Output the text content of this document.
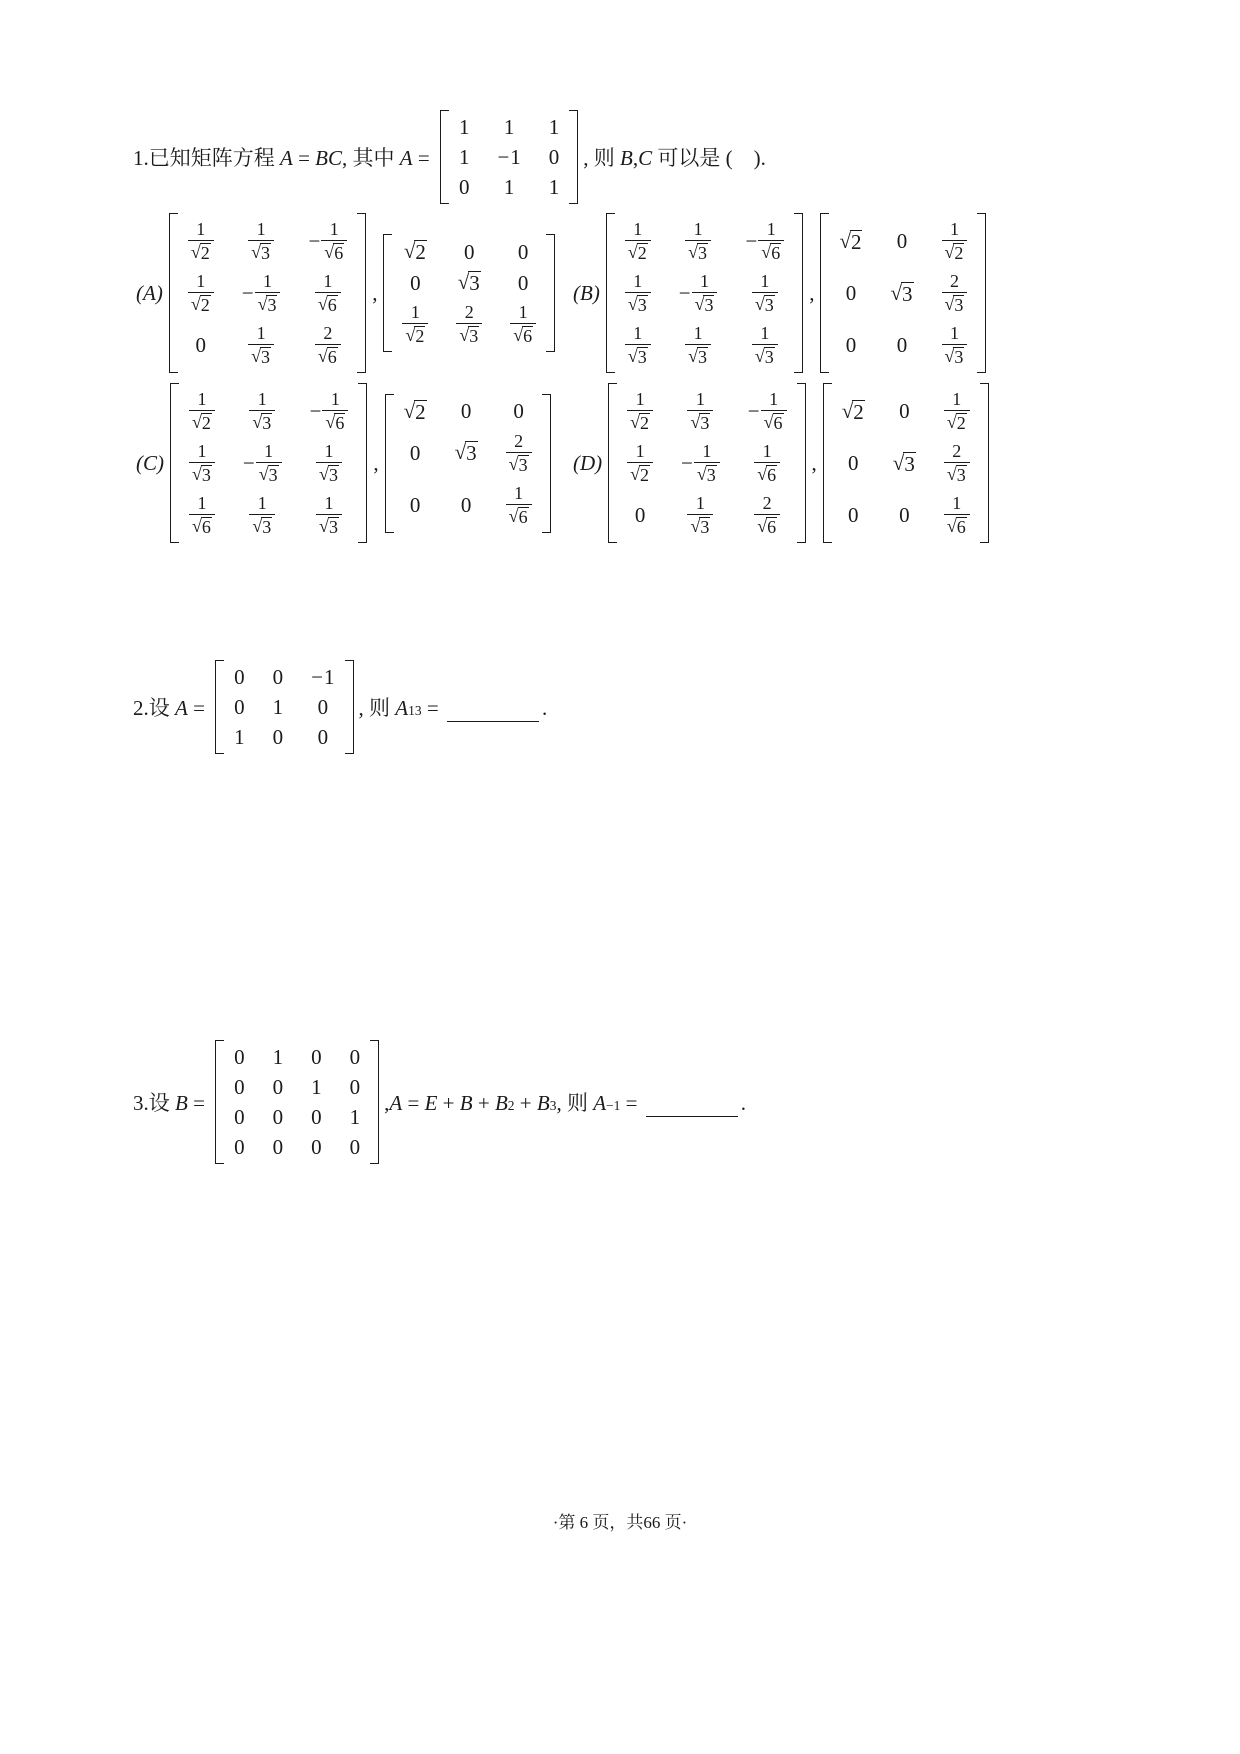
1.已知矩阵方程 A = BC , 其中 A =
1 1 1
1 − 1 0
0 1 1
, 则 B , C 可以是 (    ).
(A)
$\frac{1}{√ 2} \frac{1}{√ 3} - \frac{1}{√ 6}$
$\frac{1}{√ 2} - \frac{1}{√ 3} \frac{1}{√ 6}$
$0 \frac{1}{√ 3} \frac{2}{√ 6}$
,
√ 2 0 0
0 √ 3 0
$\frac{1}{√ 2} \frac{2}{√ 3} \frac{1}{√ 6}$
(B)
$\frac{1}{√ 2} \frac{1}{√ 3} - \frac{1}{√ 6}$
$\frac{1}{√ 3} - \frac{1}{√ 3} \frac{1}{√ 3}$
$\frac{1}{√ 3} \frac{1}{√ 3} \frac{1}{√ 3}$
,
√ 2 $0 \frac{1}{√ 2}$
0 √ $3 \frac{2}{√ 3}$
0 $0 \frac{1}{√ 3}$
(C)
$\frac{1}{√ 2} \frac{1}{√ 3} - \frac{1}{√ 6}$
$\frac{1}{√ 3} - \frac{1}{√ 3} \frac{1}{√ 3}$
$\frac{1}{√ 6} \frac{1}{√ 3} \frac{1}{√ 3}$
,
√ 2 0 0
0 √ $3 \frac{2}{√ 3}$
0 $0 \frac{1}{√ 6}$
(D)
$\frac{1}{√ 2} \frac{1}{√ 3} - \frac{1}{√ 6}$
$\frac{1}{√ 2} - \frac{1}{√ 3} \frac{1}{√ 6}$
$0 \frac{1}{√ 3} \frac{2}{√ 6}$
,
√ 2 $0 \frac{1}{√ 2}$
0 √ $3 \frac{2}{√ 3}$
0 $0 \frac{1}{√ 6}$
2.设 A =
0 0 − 1
0 1 0
1 0 0
, 则 A 13 =	.
3.设 B =
0 1 0 0
0 0 1 0
0 0 0 1
0 0 0 0
, A = E + B + B 2 + B 3 , 则 A −1 =	.
·第 6 页，共66 页·
